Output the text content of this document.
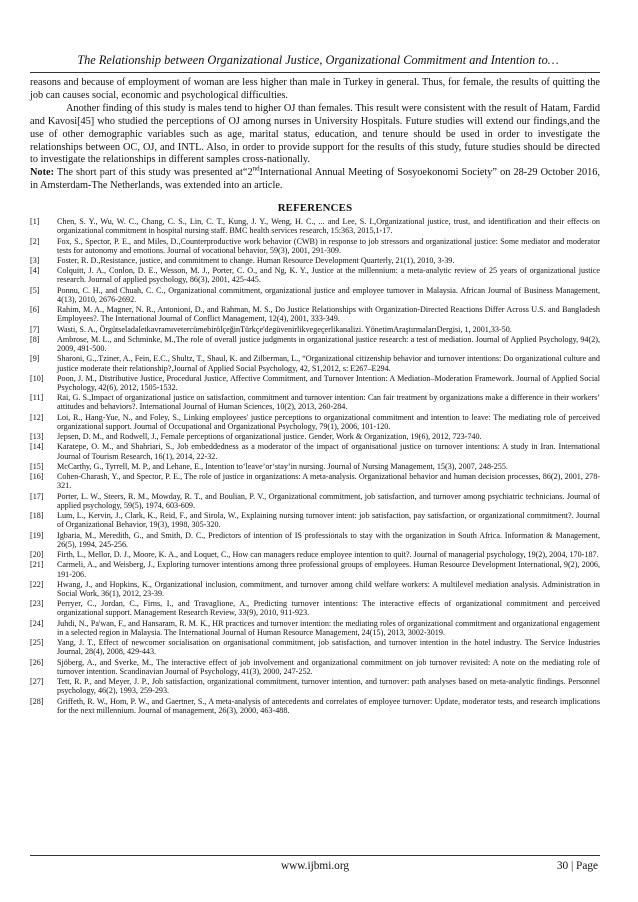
The Relationship between Organizational Justice, Organizational Commitment and Intention to…

reasons and because of employment of woman are less higher than male in Turkey in general. Thus, for female, the results of quitting the job can causes social, economic and psychological difficulties.

Another finding of this study is males tend to higher OJ than females. This result were consistent with the result of Hatam, Fardid and Kavosi[45] who studied the perceptions of OJ among nurses in University Hospitals. Future studies will extend our findings,and the use of other demographic variables such as age, marital status, education, and tenure should be used in order to investigate the relationships between OC, OJ, and INTL. Also, in order to provide support for the results of this study, future studies should be directed to investigate the relationships in different samples cross-nationally.

Note: The short part of this study was presented at“2ndInternational Annual Meeting of Sosyoekonomi Society” on 28-29 October 2016, in Amsterdam-The Netherlands, was extended into an article.

REFERENCES
[1]	Chen, S. Y., Wu, W. C., Chang, C. S., Lin, C. T., Kung, J. Y., Weng, H. C., ... and Lee, S. I.,Organizational justice, trust, and identification and their effects on organizational commitment in hospital nursing staff. BMC health services research, 15:363, 2015,1-17.
[2]	Fox, S., Spector, P. E., and Miles, D.,Counterproductive work behavior (CWB) in response to job stressors and organizational justice: Some mediator and moderator tests for autonomy and emotions. Journal of vocational behavior, 59(3), 2001, 291-309.
[3]	Foster, R. D.,Resistance, justice, and commitment to change. Human Resource Development Quarterly, 21(1), 2010, 3-39.
[4]	Colquitt, J. A., Conlon, D. E., Wesson, M. J., Porter, C. O., and Ng, K. Y., Justice at the millennium: a meta-analytic review of 25 years of organizational justice research. Journal of applied psychology, 86(3), 2001, 425-445.
[5]	Ponnu, C. H., and Chuah, C. C., Organizational commitment, organizational justice and employee turnover in Malaysia. African Journal of Business Management, 4(13), 2010, 2676-2692.
[6]	Rahim, M. A., Magner, N. R., Antonioni, D., and Rahman, M. S., Do Justice Relationships with Organization-Directed Reactions Differ Across U.S. and Bangladesh Employees?. The International Journal of Conflict Management, 12(4), 2001, 333-349.
[7]	Wasti, S. A., ÖrgütseladaletkavramıvetercümebirölçeğinTürkçe'degüvenirlikvegeçerlikanalizi. YönetimAraştırmalarıDergisi, 1, 2001,33-50.
[8]	Ambrose, M. L., and Schminke, M.,The role of overall justice judgments in organizational justice research: a test of mediation. Journal of Applied Psychology, 94(2), 2009, 491-500.
[9]	Sharoni, G.,.Tziner, A., Fein, E.C., Shultz, T., Shaul, K. and Zilberman, L., “Organizational citizenship behavior and turnover intentions: Do organizational culture and justice moderate their relationship?,Journal of Applied Social Psychology, 42, S1,2012, s: E267–E294.
[10]	Poon, J. M., Distributive Justice, Procedural Justice, Affective Commitment, and Turnover Intention: A Mediation–Moderation Framework. Journal of Applied Social Psychology, 42(6), 2012, 1505-1532.
[11]	Rai, G. S.,Impact of organizational justice on satisfaction, commitment and turnover intention: Can fair treatment by organizations make a difference in their workers’ attitudes and behaviors?. International Journal of Human Sciences, 10(2), 2013, 260-284.
[12]	Loi, R., Hang-Yue, N., and Foley, S., Linking employees' justice perceptions to organizational commitment and intention to leave: The mediating role of perceived organizational support. Journal of Occupational and Organizational Psychology, 79(1), 2006, 101-120.
[13]	Jepsen, D. M., and Rodwell, J., Female perceptions of organizational justice. Gender, Work & Organization, 19(6), 2012, 723-740.
[14]	Karatepe, O. M., and Shahriari, S., Job embeddedness as a moderator of the impact of organisational justice on turnover intentions: A study in Iran. International Journal of Tourism Research, 16(1), 2014, 22-32.
[15]	McCarthy, G., Tyrrell, M. P., and Lehane, E., Intention to‘leave’or‘stay’in nursing. Journal of Nursing Management, 15(3), 2007, 248-255.
[16]	Cohen-Charash, Y., and Spector, P. E., The role of justice in organizations: A meta-analysis. Organizational behavior and human decision processes, 86(2), 2001, 278-321.
[17]	Porter, L. W., Steers, R. M., Mowday, R. T., and Boulian, P. V., Organizational commitment, job satisfaction, and turnover among psychiatric technicians. Journal of applied psychology, 59(5), 1974, 603-609.
[18]	Lum, L., Kervin, J., Clark, K., Reid, F., and Sirola, W., Explaining nursing turnover intent: job satisfaction, pay satisfaction, or organizational commitment?. Journal of Organizational Behavior, 19(3), 1998, 305-320.
[19]	Igbaria, M., Meredith, G., and Smith, D. C., Predictors of intention of IS professionals to stay with the organization in South Africa. Information & Management, 26(5), 1994, 245-256.
[20]	Firth, L., Mellor, D. J., Moore, K. A., and Loquet, C., How can managers reduce employee intention to quit?. Journal of managerial psychology, 19(2), 2004, 170-187.
[21]	Carmeli, A., and Weisberg, J., Exploring turnover intentions among three professional groups of employees. Human Resource Development International, 9(2), 2006, 191-206.
[22]	Hwang, J., and Hopkins, K., Organizational inclusion, commitment, and turnover among child welfare workers: A multilevel mediation analysis. Administration in Social Work, 36(1), 2012, 23-39.
[23]	Perryer, C., Jordan, C., Firns, I., and Travaglione, A., Predicting turnover intentions: The interactive effects of organizational commitment and perceived organizational support. Management Research Review, 33(9), 2010, 911-923.
[24]	Juhdi, N., Pa'wan, F., and Hansaram, R. M. K., HR practices and turnover intention: the mediating roles of organizational commitment and organizational engagement in a selected region in Malaysia. The International Journal of Human Resource Management, 24(15), 2013, 3002-3019.
[25]	Yang, J. T., Effect of newcomer socialisation on organisational commitment, job satisfaction, and turnover intention in the hotel industry. The Service Industries Journal, 28(4), 2008, 429-443.
[26]	Sjöberg, A., and Sverke, M., The interactive effect of job involvement and organizational commitment on job turnover revisited: A note on the mediating role of turnover intention. Scandinavian Journal of Psychology, 41(3), 2000, 247-252.
[27]	Tett, R. P., and Meyer, J. P., Job satisfaction, organizational commitment, turnover intention, and turnover: path analyses based on meta-analytic findings. Personnel psychology, 46(2), 1993, 259-293.
[28]	Griffeth, R. W., Hom, P. W., and Gaertner, S., A meta-analysis of antecedents and correlates of employee turnover: Update, moderator tests, and research implications for the next millennium. Journal of management, 26(3), 2000, 463-488.
www.ijbmi.org	30 | Page
